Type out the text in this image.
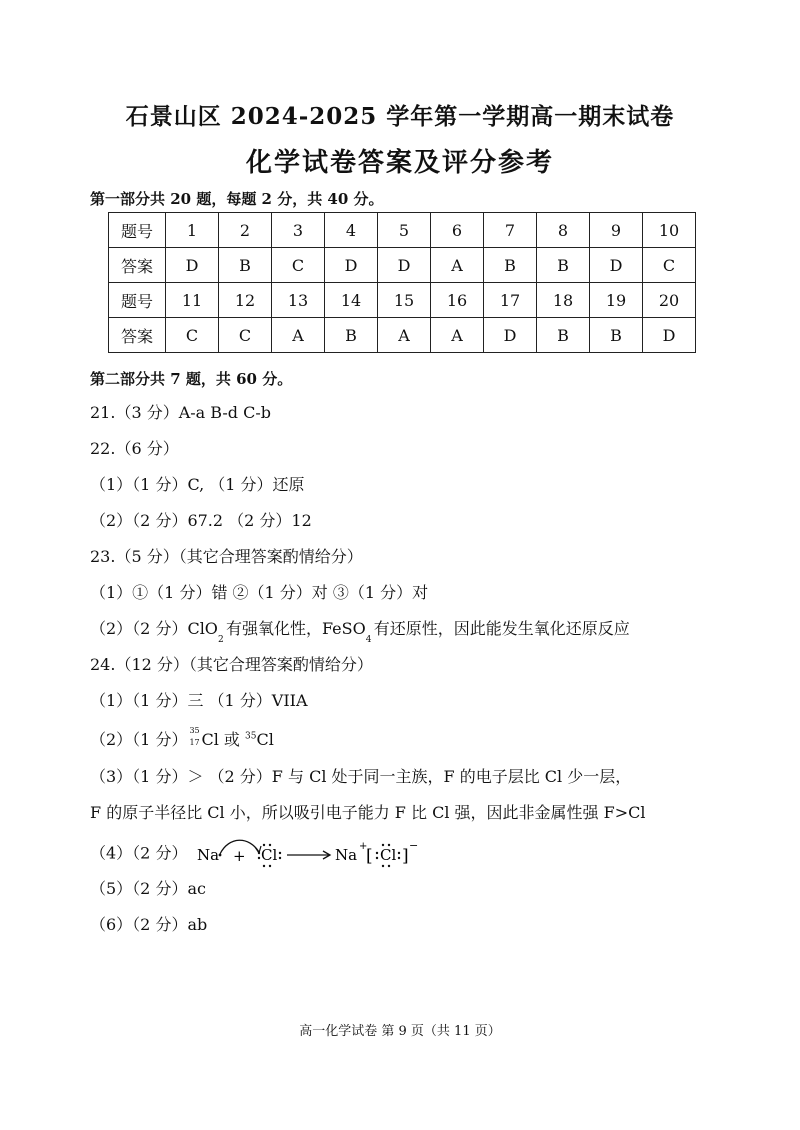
石景山区 2024-2025 学年第一学期高一期末试卷
化学试卷答案及评分参考
第一部分共 20 题，每题 2 分，共 40 分。
题号	1	2	3	4	5	6	7	8	9	10
答案	D	B	C	D	D	A	B	B	D	C
题号	11	12	13	14	15	16	17	18	19	20
答案	C	C	A	B	A	A	D	B	B	D
第二部分共 7 题，共 60 分。
21.（3 分）A-a B-d C-b
22.（6 分）
（1）（1 分）C, （1 分）还原
（2）（2 分）67.2 （2 分）12
23.（5 分）（其它合理答案酌情给分）
（1）①（1 分）错 ②（1 分）对 ③（1 分）对
（2）（2 分）ClO
2
有强氧化性，FeSO
4
有还原性，因此能发生氧化还原反应
24.（12 分）（其它合理答案酌情给分）
（1）（1 分）三 （1 分）VIIA
（2）（1 分） 35
17 Cl 或 $^{35}$Cl
（3）（1 分）＞ （2 分）F 与 Cl 处于同一主族，F 的电子层比 Cl 少一层，
F 的原子半径比 Cl 小，所以吸引电子能力 F 比 Cl 强，因此非金属性强 F>Cl
（4）（2 分） Na + Cl	Na +
[ Cl ]
−
（5）（2 分）ac
（6）（2 分）ab
高一化学试卷 第 9 页（共 11 页）
